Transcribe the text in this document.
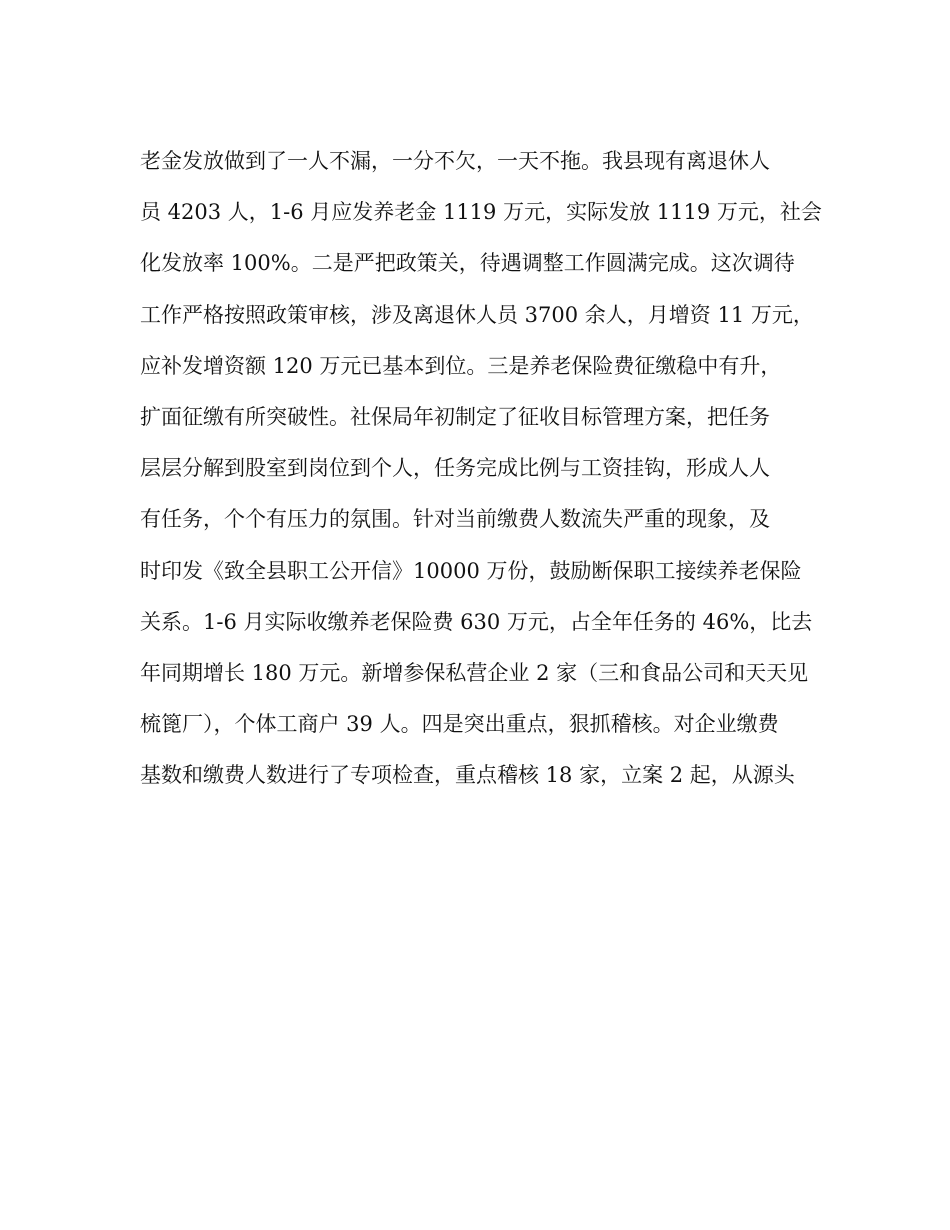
老金发放做到了一人不漏，一分不欠，一天不拖。我县现有离退休人
员 4203 人，1-6 月应发养老金 1119 万元，实际发放 1119 万元，社会
化发放率 100%。二是严把政策关，待遇调整工作圆满完成。这次调待
工作严格按照政策审核，涉及离退休人员 3700 余人，月增资 11 万元，
应补发增资额 120 万元已基本到位。三是养老保险费征缴稳中有升，
扩面征缴有所突破性。社保局年初制定了征收目标管理方案，把任务
层层分解到股室到岗位到个人，任务完成比例与工资挂钩，形成人人
有任务，个个有压力的氛围。针对当前缴费人数流失严重的现象，及
时印发《致全县职工公开信》10000 万份，鼓励断保职工接续养老保险
关系。1-6 月实际收缴养老保险费 630 万元，占全年任务的 46%，比去
年同期增长 180 万元。新增参保私营企业 2 家（三和食品公司和天天见
梳篦厂），个体工商户 39 人。四是突出重点，狠抓稽核。对企业缴费
基数和缴费人数进行了专项检查，重点稽核 18 家，立案 2 起，从源头
